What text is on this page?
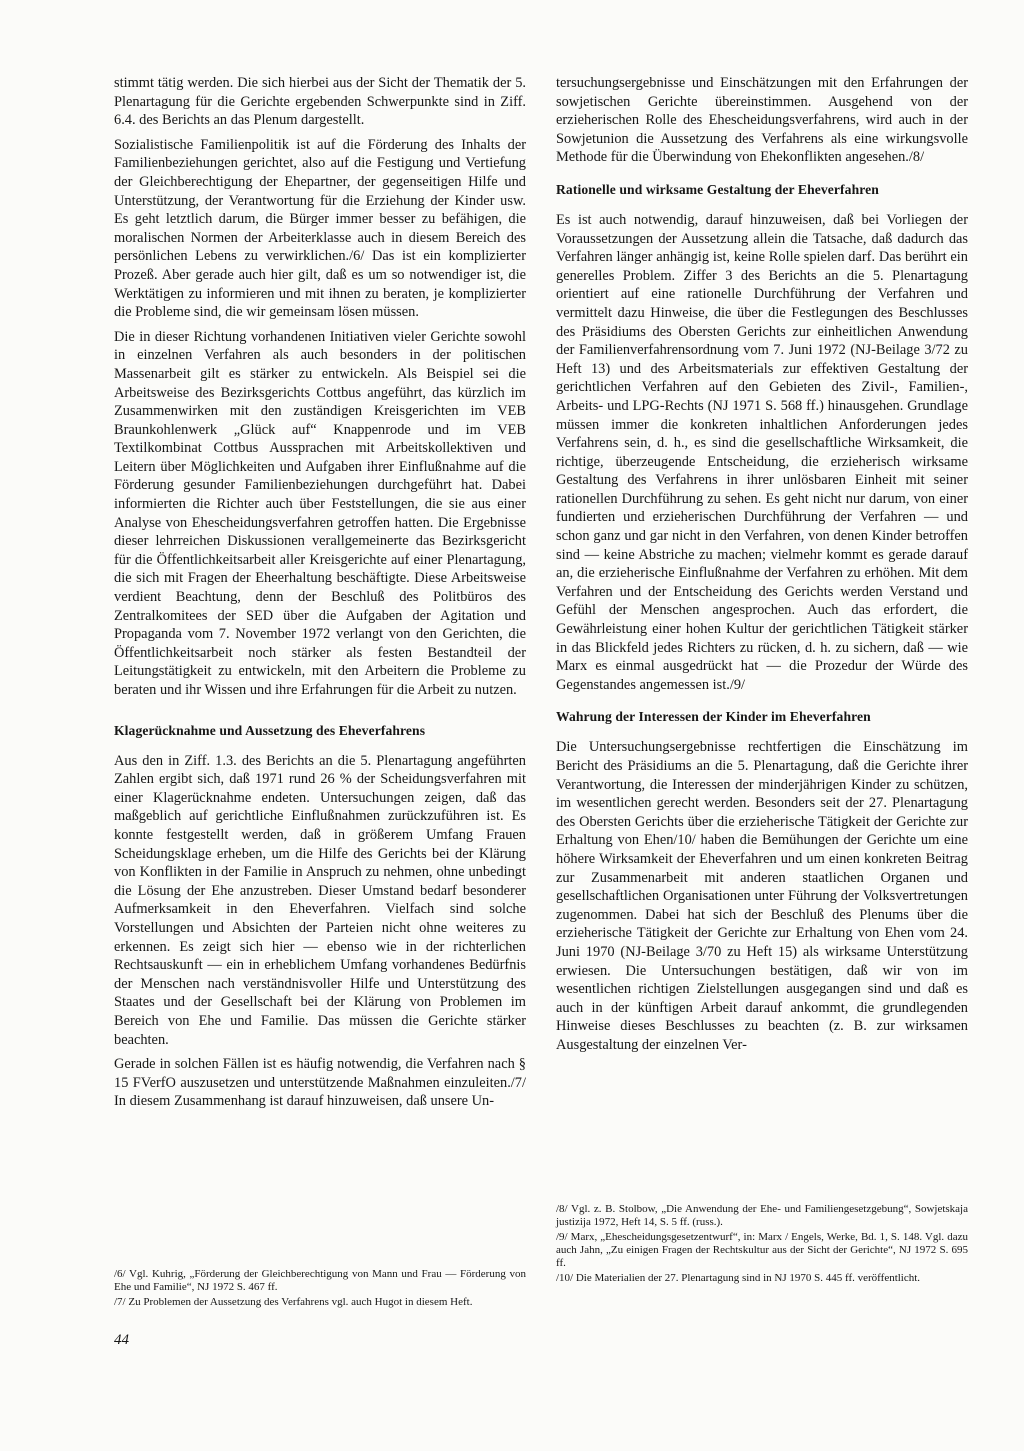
stimmt tätig werden. Die sich hierbei aus der Sicht der Thematik der 5. Plenartagung für die Gerichte ergebenden Schwerpunkte sind in Ziff. 6.4. des Berichts an das Plenum dargestellt.

Sozialistische Familienpolitik ist auf die Förderung des Inhalts der Familienbeziehungen gerichtet, also auf die Festigung und Vertiefung der Gleichberechtigung der Ehepartner, der gegenseitigen Hilfe und Unterstützung, der Verantwortung für die Erziehung der Kinder usw. Es geht letztlich darum, die Bürger immer besser zu befähigen, die moralischen Normen der Arbeiterklasse auch in diesem Bereich des persönlichen Lebens zu verwirklichen./6/ Das ist ein komplizierter Prozeß. Aber gerade auch hier gilt, daß es um so notwendiger ist, die Werktätigen zu informieren und mit ihnen zu beraten, je komplizierter die Probleme sind, die wir gemeinsam lösen müssen.

Die in dieser Richtung vorhandenen Initiativen vieler Gerichte sowohl in einzelnen Verfahren als auch besonders in der politischen Massenarbeit gilt es stärker zu entwickeln. Als Beispiel sei die Arbeitsweise des Bezirksgerichts Cottbus angeführt, das kürzlich im Zusammenwirken mit den zuständigen Kreisgerichten im VEB Braunkohlenwerk „Glück auf“ Knappenrode und im VEB Textilkombinat Cottbus Aussprachen mit Arbeitskollektiven und Leitern über Möglichkeiten und Aufgaben ihrer Einflußnahme auf die Förderung gesunder Familienbeziehungen durchgeführt hat. Dabei informierten die Richter auch über Feststellungen, die sie aus einer Analyse von Ehescheidungsverfahren getroffen hatten. Die Ergebnisse dieser lehrreichen Diskussionen verallgemeinerte das Bezirksgericht für die Öffentlichkeitsarbeit aller Kreisgerichte auf einer Plenartagung, die sich mit Fragen der Eheerhaltung beschäftigte. Diese Arbeitsweise verdient Beachtung, denn der Beschluß des Politbüros des Zentralkomitees der SED über die Aufgaben der Agitation und Propaganda vom 7. November 1972 verlangt von den Gerichten, die Öffentlichkeitsarbeit noch stärker als festen Bestandteil der Leitungstätigkeit zu entwickeln, mit den Arbeitern die Probleme zu beraten und ihr Wissen und ihre Erfahrungen für die Arbeit zu nutzen.

Klagerücknahme und Aussetzung des Eheverfahrens

Aus den in Ziff. 1.3. des Berichts an die 5. Plenartagung angeführten Zahlen ergibt sich, daß 1971 rund 26 % der Scheidungsverfahren mit einer Klagerücknahme endeten. Untersuchungen zeigen, daß das maßgeblich auf gerichtliche Einflußnahmen zurückzuführen ist. Es konnte festgestellt werden, daß in größerem Umfang Frauen Scheidungsklage erheben, um die Hilfe des Gerichts bei der Klärung von Konflikten in der Familie in Anspruch zu nehmen, ohne unbedingt die Lösung der Ehe anzustreben. Dieser Umstand bedarf besonderer Aufmerksamkeit in den Eheverfahren. Vielfach sind solche Vorstellungen und Absichten der Parteien nicht ohne weiteres zu erkennen. Es zeigt sich hier — ebenso wie in der richterlichen Rechtsauskunft — ein in erheblichem Umfang vorhandenes Bedürfnis der Menschen nach verständnisvoller Hilfe und Unterstützung des Staates und der Gesellschaft bei der Klärung von Problemen im Bereich von Ehe und Familie. Das müssen die Gerichte stärker beachten.

Gerade in solchen Fällen ist es häufig notwendig, die Verfahren nach § 15 FVerfO auszusetzen und unterstützende Maßnahmen einzuleiten./7/ In diesem Zusammenhang ist darauf hinzuweisen, daß unsere Un-

tersuchungsergebnisse und Einschätzungen mit den Erfahrungen der sowjetischen Gerichte übereinstimmen. Ausgehend von der erzieherischen Rolle des Ehescheidungsverfahrens, wird auch in der Sowjetunion die Aussetzung des Verfahrens als eine wirkungsvolle Methode für die Überwindung von Ehekonflikten angesehen./8/

Rationelle und wirksame Gestaltung der Eheverfahren

Es ist auch notwendig, darauf hinzuweisen, daß bei Vorliegen der Voraussetzungen der Aussetzung allein die Tatsache, daß dadurch das Verfahren länger anhängig ist, keine Rolle spielen darf. Das berührt ein generelles Problem. Ziffer 3 des Berichts an die 5. Plenartagung orientiert auf eine rationelle Durchführung der Verfahren und vermittelt dazu Hinweise, die über die Festlegungen des Beschlusses des Präsidiums des Obersten Gerichts zur einheitlichen Anwendung der Familienverfahrensordnung vom 7. Juni 1972 (NJ-Beilage 3/72 zu Heft 13) und des Arbeitsmaterials zur effektiven Gestaltung der gerichtlichen Verfahren auf den Gebieten des Zivil-, Familien-, Arbeits- und LPG-Rechts (NJ 1971 S. 568 ff.) hinausgehen. Grundlage müssen immer die konkreten inhaltlichen Anforderungen jedes Verfahrens sein, d. h., es sind die gesellschaftliche Wirksamkeit, die richtige, überzeugende Entscheidung, die erzieherisch wirksame Gestaltung des Verfahrens in ihrer unlösbaren Einheit mit seiner rationellen Durchführung zu sehen. Es geht nicht nur darum, von einer fundierten und erzieherischen Durchführung der Verfahren — und schon ganz und gar nicht in den Verfahren, von denen Kinder betroffen sind — keine Abstriche zu machen; vielmehr kommt es gerade darauf an, die erzieherische Einflußnahme der Verfahren zu erhöhen. Mit dem Verfahren und der Entscheidung des Gerichts werden Verstand und Gefühl der Menschen angesprochen. Auch das erfordert, die Gewährleistung einer hohen Kultur der gerichtlichen Tätigkeit stärker in das Blickfeld jedes Richters zu rücken, d. h. zu sichern, daß — wie Marx es einmal ausgedrückt hat — die Prozedur der Würde des Gegenstandes angemessen ist./9/

Wahrung der Interessen der Kinder im Eheverfahren

Die Untersuchungsergebnisse rechtfertigen die Einschätzung im Bericht des Präsidiums an die 5. Plenartagung, daß die Gerichte ihrer Verantwortung, die Interessen der minderjährigen Kinder zu schützen, im wesentlichen gerecht werden. Besonders seit der 27. Plenartagung des Obersten Gerichts über die erzieherische Tätigkeit der Gerichte zur Erhaltung von Ehen/10/ haben die Bemühungen der Gerichte um eine höhere Wirksamkeit der Eheverfahren und um einen konkreten Beitrag zur Zusammenarbeit mit anderen staatlichen Organen und gesellschaftlichen Organisationen unter Führung der Volksvertretungen zugenommen. Dabei hat sich der Beschluß des Plenums über die erzieherische Tätigkeit der Gerichte zur Erhaltung von Ehen vom 24. Juni 1970 (NJ-Beilage 3/70 zu Heft 15) als wirksame Unterstützung erwiesen. Die Untersuchungen bestätigen, daß wir von im wesentlichen richtigen Zielstellungen ausgegangen sind und daß es auch in der künftigen Arbeit darauf ankommt, die grundlegenden Hinweise dieses Beschlusses zu beachten (z. B. zur wirksamen Ausgestaltung der einzelnen Ver-

/6/ Vgl. Kuhrig, „Förderung der Gleichberechtigung von Mann und Frau — Förderung von Ehe und Familie“, NJ 1972 S. 467 ff.

/7/ Zu Problemen der Aussetzung des Verfahrens vgl. auch Hugot in diesem Heft.

/8/ Vgl. z. B. Stolbow, „Die Anwendung der Ehe- und Familiengesetzgebung“, Sowjetskaja justizija 1972, Heft 14, S. 5 ff. (russ.).

/9/ Marx, „Ehescheidungsgesetzentwurf“, in: Marx / Engels, Werke, Bd. 1, S. 148. Vgl. dazu auch Jahn, „Zu einigen Fragen der Rechtskultur aus der Sicht der Gerichte“, NJ 1972 S. 695 ff.

/10/ Die Materialien der 27. Plenartagung sind in NJ 1970 S. 445 ff. veröffentlicht.

44
